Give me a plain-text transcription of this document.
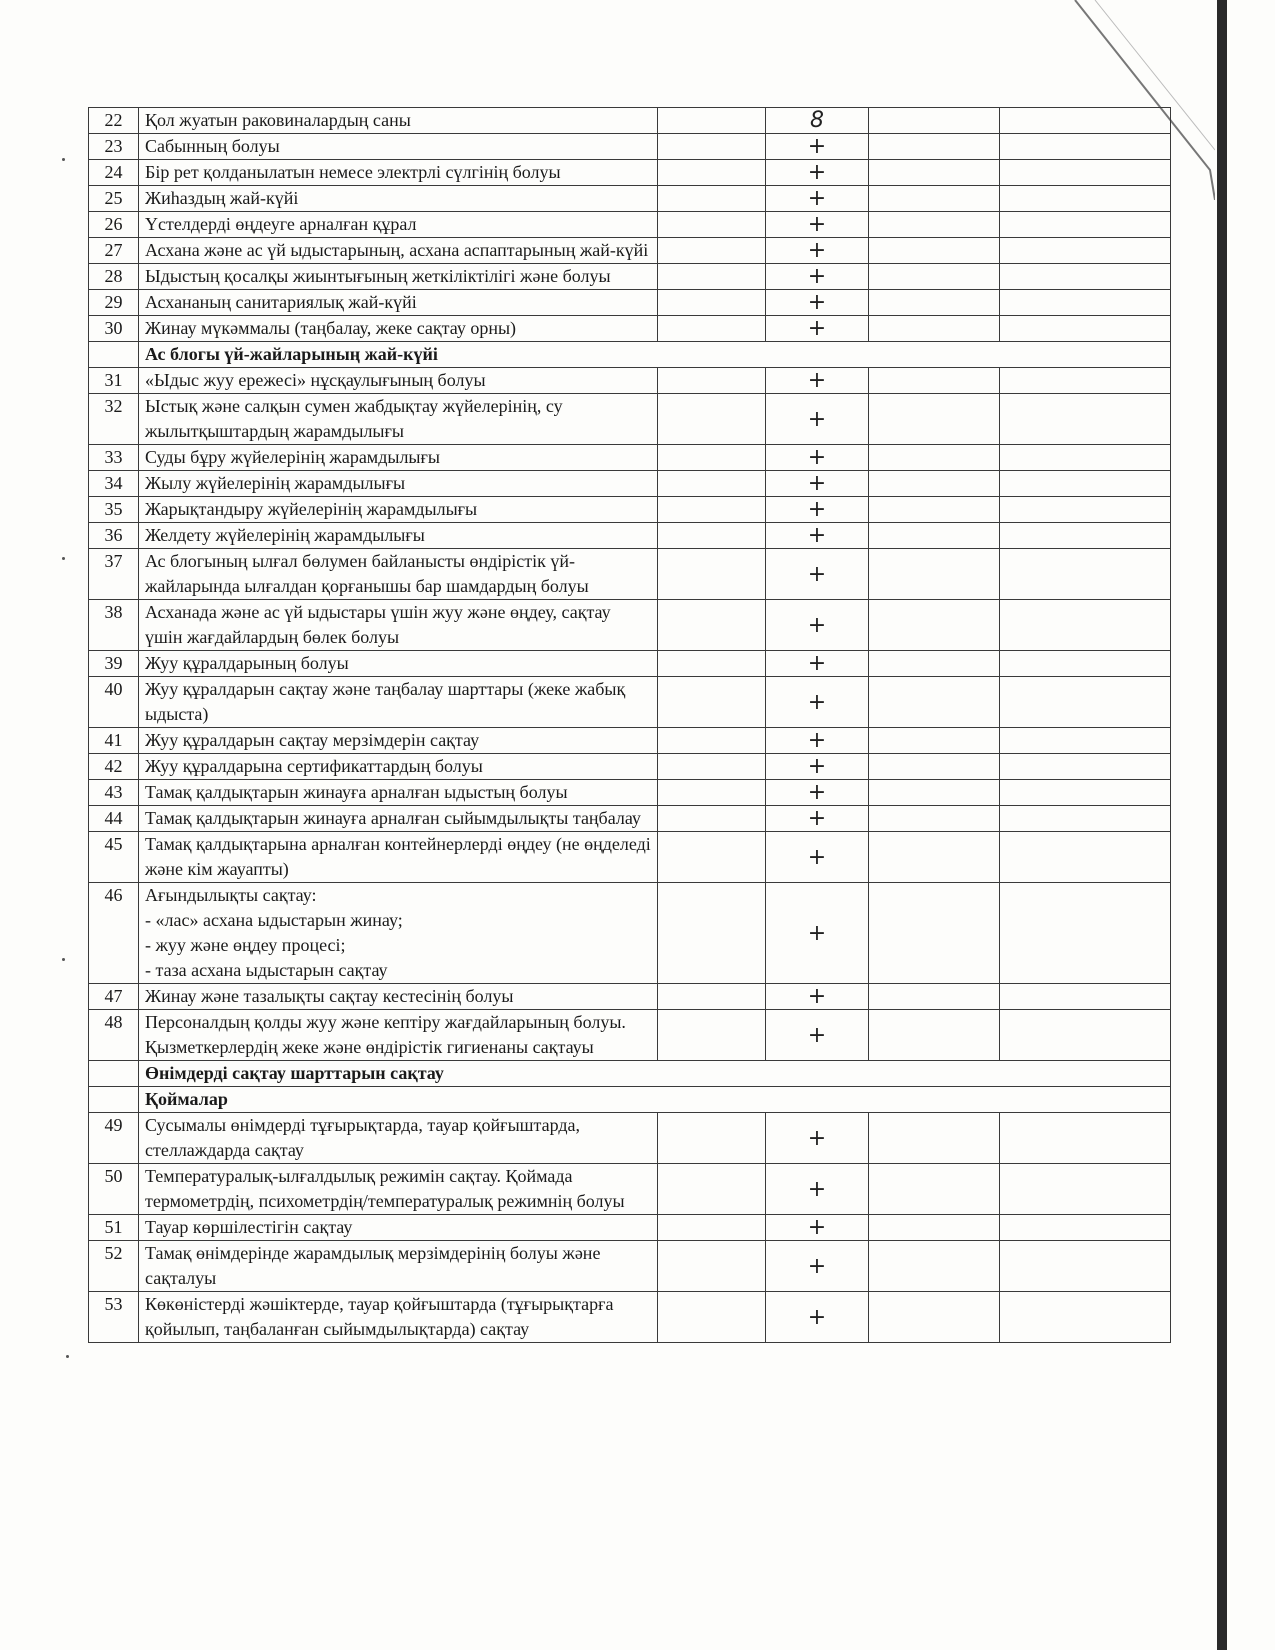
22	Қол жуатын раковиналардың саны		8		
23	Сабынның болуы		+		
24	Бір рет қолданылатын немесе электрлі сүлгінің болуы		+		
25	Жиһаздың жай-күйі		+		
26	Үстелдерді өңдеуге арналған құрал		+		
27	Асхана және ас үй ыдыстарының, асхана аспаптарының жай-күйі		+		
28	Ыдыстың қосалқы жиынтығының жеткіліктілігі және болуы		+		
29	Асхананың санитариялық жай-күйі		+		
30	Жинау мүкәммалы (таңбалау, жеке сақтау орны)		+		
	Ас блогы үй-жайларының жай-күйі				
31	«Ыдыс жуу ережесі» нұсқаулығының болуы		+		
32	Ыстық және салқын сумен жабдықтау жүйелерінің, су жылытқыштардың жарамдылығы		+		
33	Суды бұру жүйелерінің жарамдылығы		+		
34	Жылу жүйелерінің жарамдылығы		+		
35	Жарықтандыру жүйелерінің жарамдылығы		+		
36	Желдету жүйелерінің жарамдылығы		+		
37	Ас блогының ылғал бөлумен байланысты өндірістік үй-жайларында ылғалдан қорғанышы бар шамдардың болуы		+		
38	Асханада және ас үй ыдыстары үшін жуу және өңдеу, сақтау үшін жағдайлардың бөлек болуы		+		
39	Жуу құралдарының болуы		+		
40	Жуу құралдарын сақтау және таңбалау шарттары (жеке жабық ыдыста)		+		
41	Жуу құралдарын сақтау мерзімдерін сақтау		+		
42	Жуу құралдарына сертификаттардың болуы		+		
43	Тамақ қалдықтарын жинауға арналған ыдыстың болуы		+		
44	Тамақ қалдықтарын жинауға арналған сыйымдылықты таңбалау		+		
45	Тамақ қалдықтарына арналған контейнерлерді өңдеу (не өңделеді және кім жауапты)		+		
46	Ағындылықты сақтау:
- «лас» асхана ыдыстарын жинау;
- жуу және өңдеу процесі;
- таза асхана ыдыстарын сақтау		+		
47	Жинау және тазалықты сақтау кестесінің болуы		+		
48	Персоналдың қолды жуу және кептіру жағдайларының болуы. Қызметкерлердің жеке және өндірістік гигиенаны сақтауы		+		
	Өнімдерді сақтау шарттарын сақтау				
	Қоймалар				
49	Сусымалы өнімдерді тұғырықтарда, тауар қойғыштарда, стеллаждарда сақтау		+		
50	Температуралық-ылғалдылық режимін сақтау. Қоймада термометрдің, психометрдің/температуралық режимнің болуы		+		
51	Тауар көршілестігін сақтау		+		
52	Тамақ өнімдерінде жарамдылық мерзімдерінің болуы және сақталуы		+		
53	Көкөністерді жәшіктерде, тауар қойғыштарда (тұғырықтарға қойылып, таңбаланған сыйымдылықтарда) сақтау		+		
